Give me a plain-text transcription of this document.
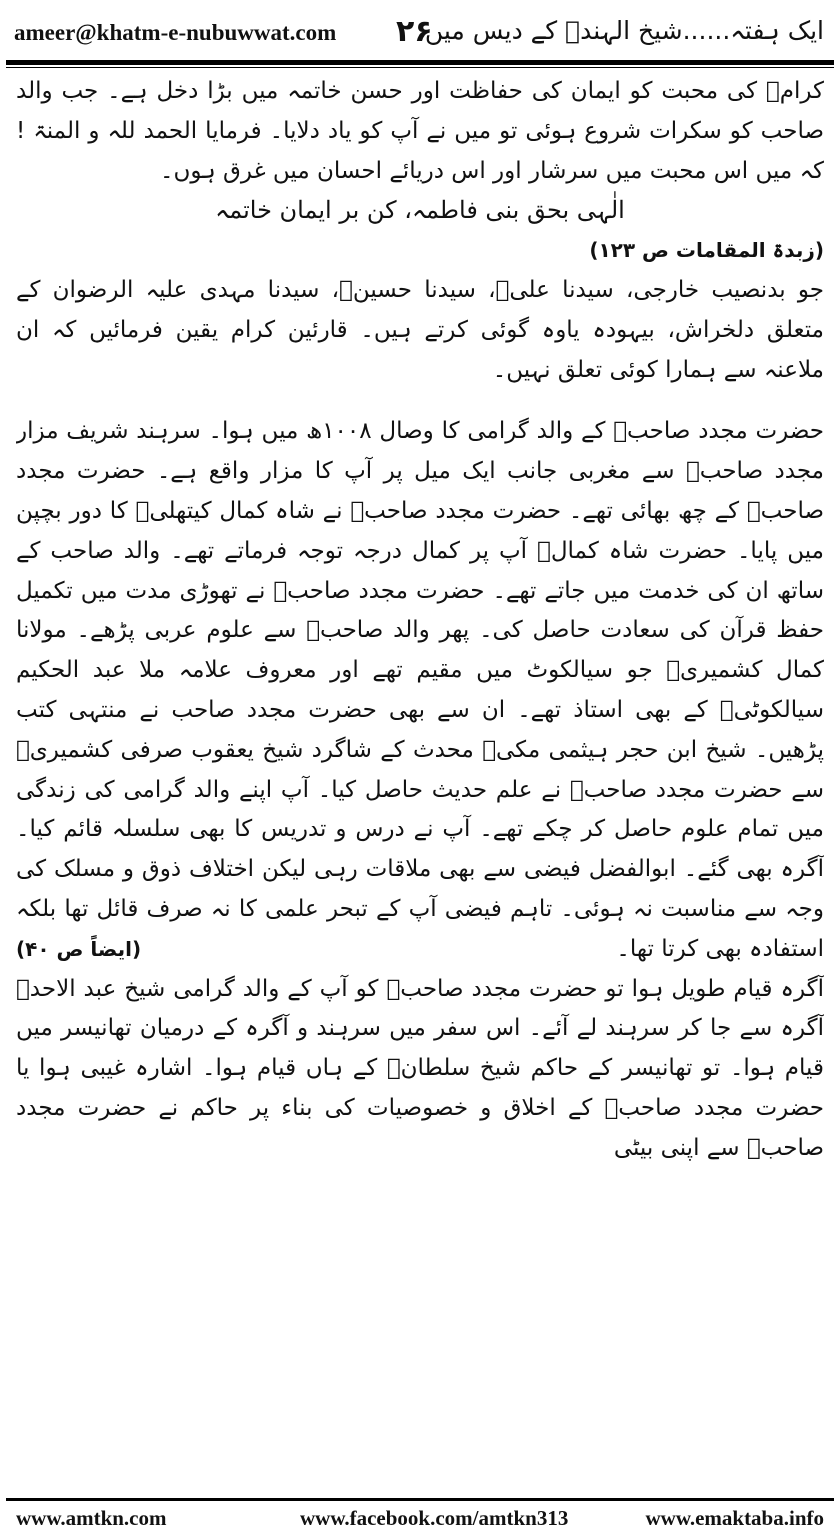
ameer@khatm-e-nubuwwat.com ۲۶
ایک ہفتہ......شیخ الہندؒ کے دیس میں

کرامؓ کی محبت کو ایمان کی حفاظت اور حسن خاتمہ میں بڑا دخل ہے۔ جب والد صاحب کو سکرات شروع ہوئی تو میں نے آپ کو یاد دلایا۔ فرمایا الحمد للہ و المنۃ ! کہ میں اس محبت میں سرشار اور اس دریائے احسان میں غرق ہوں۔

الٰہی بحق بنی فاطمہ، کن بر ایمان خاتمہ

(زبدۃ المقامات ص ۱۲۳)

جو بدنصیب خارجی، سیدنا علیؓ، سیدنا حسینؓ، سیدنا مہدی علیہ الرضوان کے متعلق دلخراش، بیہودہ یاوہ گوئی کرتے ہیں۔ قارئین کرام یقین فرمائیں کہ ان ملاعنہ سے ہمارا کوئی تعلق نہیں۔

حضرت مجدد صاحبؒ کے والد گرامی کا وصال ۱۰۰۸ھ میں ہوا۔ سرہند شریف مزار مجدد صاحبؒ سے مغربی جانب ایک میل پر آپ کا مزار واقع ہے۔ حضرت مجدد صاحبؒ کے چھ بھائی تھے۔ حضرت مجدد صاحبؒ نے شاہ کمال کیتھلیؒ کا دور بچپن میں پایا۔ حضرت شاہ کمالؒ آپ پر کمال درجہ توجہ فرماتے تھے۔ والد صاحب کے ساتھ ان کی خدمت میں جاتے تھے۔ حضرت مجدد صاحبؒ نے تھوڑی مدت میں تکمیل حفظ قرآن کی سعادت حاصل کی۔ پھر والد صاحبؒ سے علوم عربی پڑھے۔ مولانا کمال کشمیریؒ جو سیالکوٹ میں مقیم تھے اور معروف علامہ ملا عبد الحکیم سیالکوٹیؒ کے بھی استاذ تھے۔ ان سے بھی حضرت مجدد صاحب نے منتہی کتب پڑھیں۔ شیخ ابن حجر ہیثمی مکیؒ محدث کے شاگرد شیخ یعقوب صرفی کشمیریؒ سے حضرت مجدد صاحبؒ نے علم حدیث حاصل کیا۔ آپ اپنے والد گرامی کی زندگی میں تمام علوم حاصل کر چکے تھے۔ آپ نے درس و تدریس کا بھی سلسلہ قائم کیا۔ آگرہ بھی گئے۔ ابوالفضل فیضی سے بھی ملاقات رہی لیکن اختلاف ذوق و مسلک کی وجہ سے مناسبت نہ ہوئی۔ تاہم فیضی آپ کے تبحر علمی کا نہ صرف قائل تھا بلکہ استفادہ بھی کرتا تھا۔
(ایضاً ص ۴۰)

آگرہ قیام طویل ہوا تو حضرت مجدد صاحبؒ کو آپ کے والد گرامی شیخ عبد الاحدؒ آگرہ سے جا کر سرہند لے آئے۔ اس سفر میں سرہند و آگرہ کے درمیان تھانیسر میں قیام ہوا۔ تو تھانیسر کے حاکم شیخ سلطانؒ کے ہاں قیام ہوا۔ اشارہ غیبی ہوا یا حضرت مجدد صاحبؒ کے اخلاق و خصوصیات کی بناء پر حاکم نے حضرت مجدد صاحبؒ سے اپنی بیٹی

www.amtkn.com	www.facebook.com/amtkn313	www.emaktaba.info
